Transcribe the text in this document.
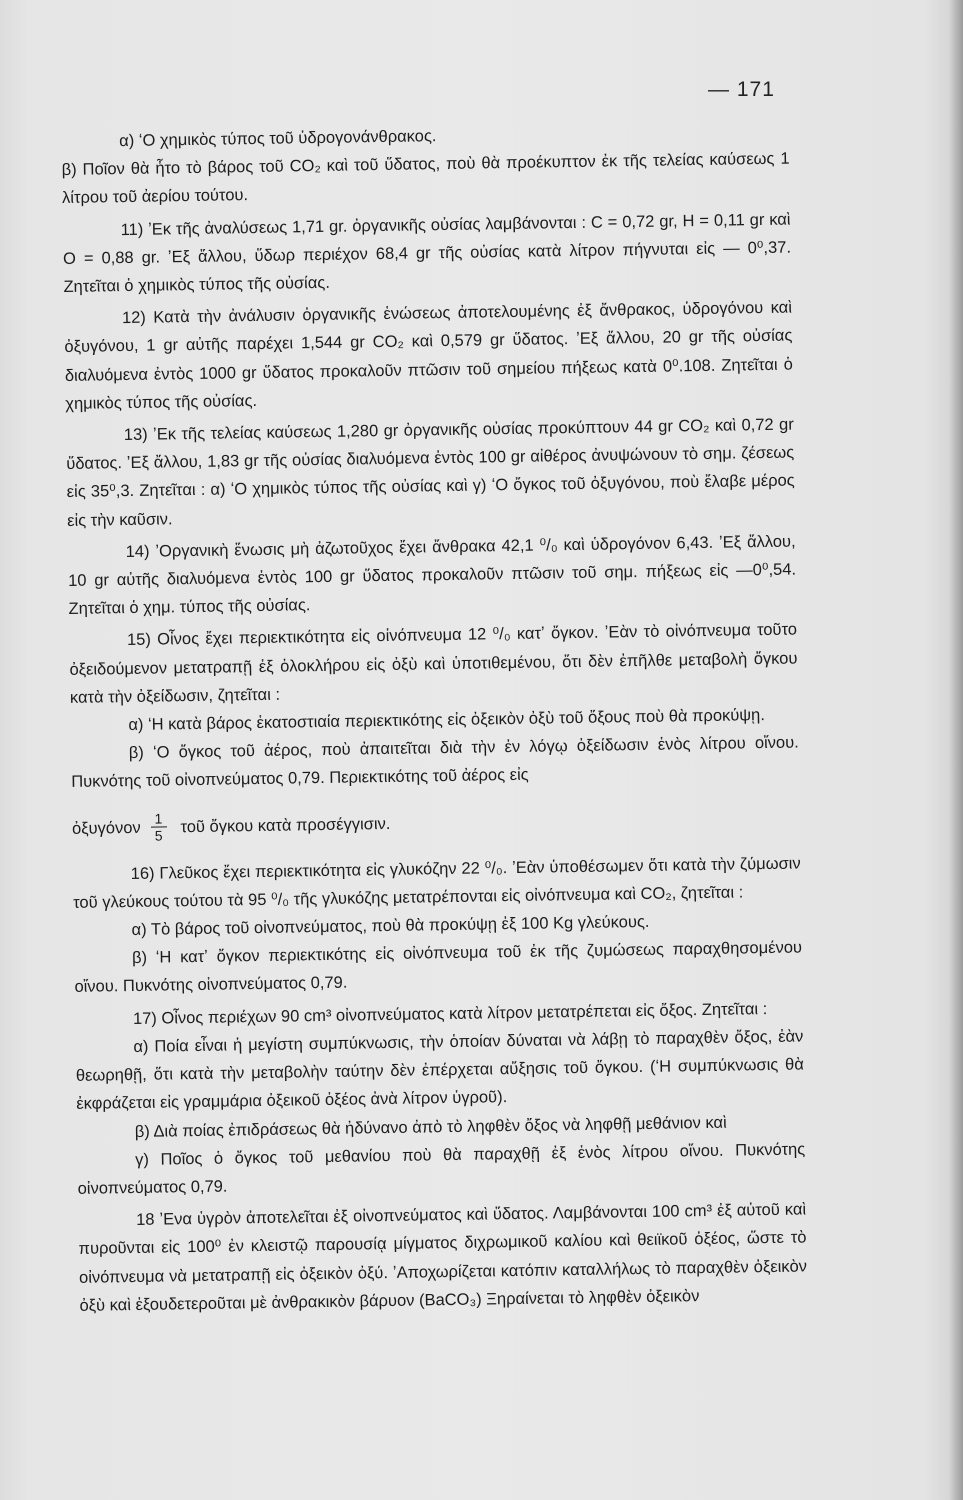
— 171

α) ʻΟ χημικὸς τύπος τοῦ ὑδρογονάνθρακος.

β) Ποῖον θὰ ἦτο τὸ βάρος τοῦ CO₂ καὶ τοῦ ὕδατος, ποὺ θὰ προέκυπτον ἐκ τῆς τελείας καύσεως 1 λίτρου τοῦ ἀερίου τούτου.

11) ʼΕκ τῆς ἀναλύσεως 1,71 gr. ὀργανικῆς οὐσίας λαμβάνονται : C = 0,72 gr, H = 0,11 gr καὶ O = 0,88 gr. ʼΕξ ἄλλου, ὕδωρ περιέχον 68,4 gr τῆς οὐσίας κατὰ λίτρον πήγνυται εἰς — 0⁰,37. Ζητεῖται ὁ χημικὸς τύπος τῆς οὐσίας.

12) Κατὰ τὴν ἀνάλυσιν ὀργανικῆς ἑνώσεως ἀποτελουμένης ἐξ ἄνθρακος, ὑδρογόνου καὶ ὀξυγόνου, 1 gr αὐτῆς παρέχει 1,544 gr CO₂ καὶ 0,579 gr ὕδατος. ʼΕξ ἄλλου, 20 gr τῆς οὐσίας διαλυόμενα ἐντὸς 1000 gr ὕδατος προκαλοῦν πτῶσιν τοῦ σημείου πήξεως κατὰ 0⁰.108. Ζητεῖται ὁ χημικὸς τύπος τῆς οὐσίας.

13) ʼΕκ τῆς τελείας καύσεως 1,280 gr ὀργανικῆς οὐσίας προκύπτουν 44 gr CO₂ καὶ 0,72 gr ὕδατος. ʼΕξ ἄλλου, 1,83 gr τῆς οὐσίας διαλυόμενα ἐντὸς 100 gr αἰθέρος ἀνυψώνουν τὸ σημ. ζέσεως εἰς 35⁰,3. Ζητεῖται : α) ʻΟ χημικὸς τύπος τῆς οὐσίας καὶ γ) ʻΟ ὄγκος τοῦ ὀξυγόνου, ποὺ ἔλαβε μέρος εἰς τὴν καῦσιν.

14) ʼΟργανικὴ ἕνωσις μὴ ἀζωτοῦχος ἔχει ἄνθρακα 42,1 ⁰/₀ καὶ ὑδρογόνον 6,43. ʼΕξ ἄλλου, 10 gr αὐτῆς διαλυόμενα ἐντὸς 100 gr ὕδατος προκαλοῦν πτῶσιν τοῦ σημ. πήξεως εἰς —0⁰,54. Ζητεῖται ὁ χημ. τύπος τῆς οὐσίας.

15) Οἶνος ἔχει περιεκτικότητα εἰς οἰνόπνευμα 12 ⁰/₀ κατʼ ὄγκον. ʼΕὰν τὸ οἰνόπνευμα τοῦτο ὀξειδούμενον μετατραπῇ ἐξ ὁλοκλήρου εἰς ὀξὺ καὶ ὑποτιθεμένου, ὅτι δὲν ἐπῆλθε μεταβολὴ ὄγκου κατὰ τὴν ὀξείδωσιν, ζητεῖται :

α) ʻΗ κατὰ βάρος ἑκατοστιαία περιεκτικότης εἰς ὀξεικὸν ὀξὺ τοῦ ὄξους ποὺ θὰ προκύψῃ.

β) ʻΟ ὄγκος τοῦ ἀέρος, ποὺ ἀπαιτεῖται διὰ τὴν ἐν λόγῳ ὀξείδωσιν ἑνὸς λίτρου οἴνου. Πυκνότης τοῦ οἰνοπνεύματος 0,79. Περιεκτικότης τοῦ ἀέρος εἰς

ὀξυγόνον $\frac{1}{5}$ τοῦ ὄγκου κατὰ προσέγγισιν.

16) Γλεῦκος ἔχει περιεκτικότητα εἰς γλυκόζην 22 ⁰/₀. ʼΕὰν ὑποθέσωμεν ὅτι κατὰ τὴν ζύμωσιν τοῦ γλεύκους τούτου τὰ 95 ⁰/₀ τῆς γλυκόζης μετατρέπονται εἰς οἰνόπνευμα καὶ CO₂, ζητεῖται :

α) Τὸ βάρος τοῦ οἰνοπνεύματος, ποὺ θὰ προκύψῃ ἐξ 100 Kg γλεύκους.

β) ʻΗ κατʼ ὄγκον περιεκτικότης εἰς οἰνόπνευμα τοῦ ἐκ τῆς ζυμώσεως παραχθησομένου οἴνου. Πυκνότης οἰνοπνεύματος 0,79.

17) Οἶνος περιέχων 90 cm³ οἰνοπνεύματος κατὰ λίτρον μετατρέπεται εἰς ὄξος. Ζητεῖται :

α) Ποία εἶναι ἡ μεγίστη συμπύκνωσις, τὴν ὁποίαν δύναται νὰ λάβῃ τὸ παραχθὲν ὄξος, ἐὰν θεωρηθῇ, ὅτι κατὰ τὴν μεταβολὴν ταύτην δὲν ἐπέρχεται αὔξησις τοῦ ὄγκου. (ʻΗ συμπύκνωσις θὰ ἐκφράζεται εἰς γραμμάρια ὀξεικοῦ ὀξέος ἀνὰ λίτρον ὑγροῦ).

β) Διὰ ποίας ἐπιδράσεως θὰ ἠδύνανο ἀπὸ τὸ ληφθὲν ὄξος νὰ ληφθῇ μεθάνιον καὶ

γ) Ποῖος ὁ ὄγκος τοῦ μεθανίου ποὺ θὰ παραχθῇ ἐξ ἑνὸς λίτρου οἴνου. Πυκνότης οἰνοπνεύματος 0,79.

18 ʼΕνα ὑγρὸν ἀποτελεῖται ἐξ οἰνοπνεύματος καὶ ὕδατος. Λαμβάνονται 100 cm³ ἐξ αὐτοῦ καὶ πυροῦνται εἰς 100⁰ ἐν κλειστῷ παρουσίᾳ μίγματος διχρωμικοῦ καλίου καὶ θειϊκοῦ ὀξέος, ὥστε τὸ οἰνόπνευμα νὰ μετατραπῇ εἰς ὀξεικὸν ὀξύ. ʼΑποχωρίζεται κατόπιν καταλλήλως τὸ παραχθὲν ὀξεικὸν ὀξὺ καὶ ἐξουδετεροῦται μὲ ἀνθρακικὸν βάρυον (BaCO₃) Ξηραίνεται τὸ ληφθὲν ὀξεικὸν
